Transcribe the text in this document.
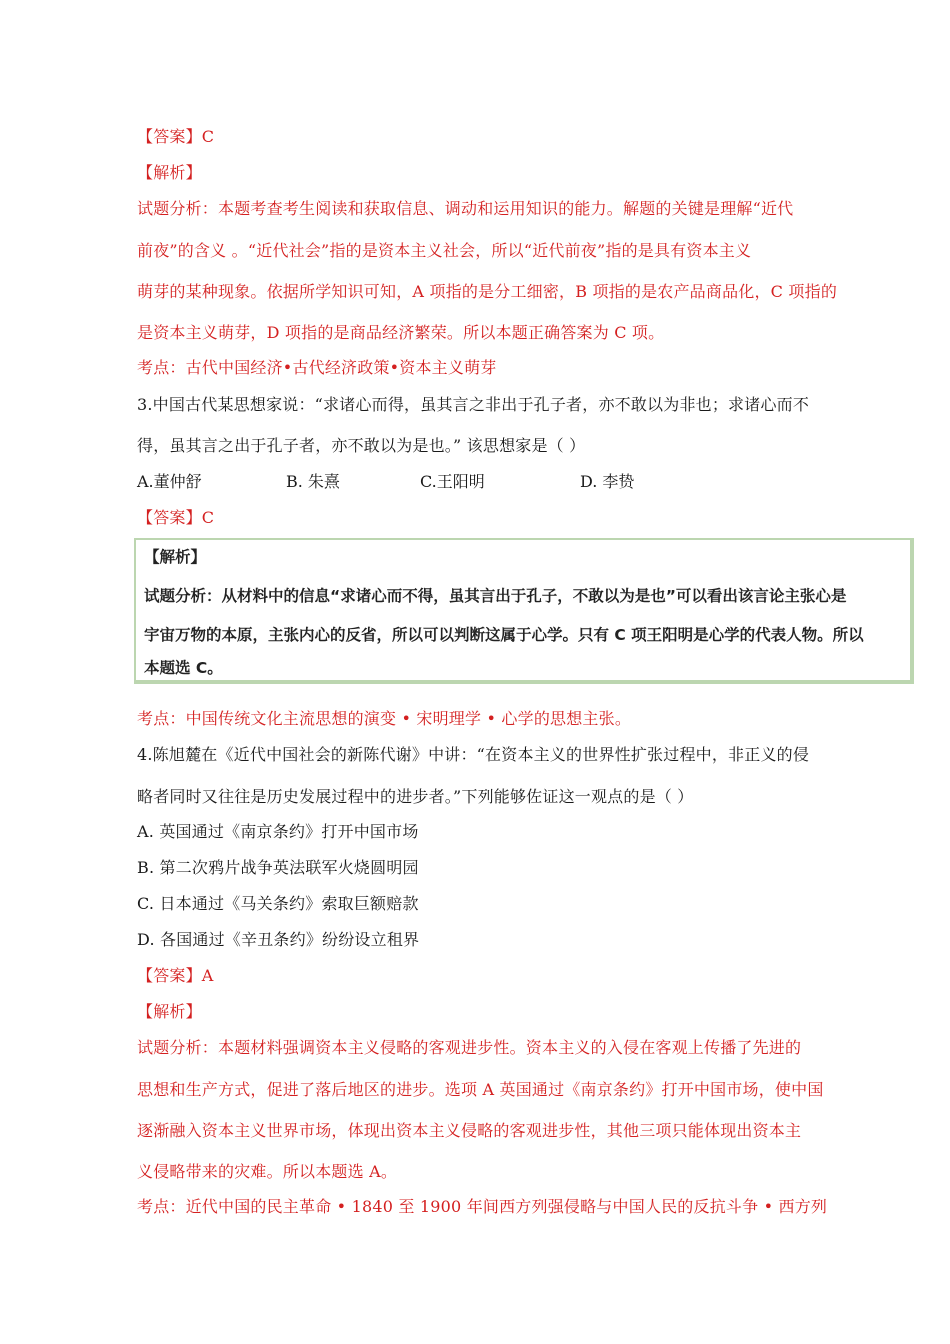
【答案】C
【解析】
试题分析：本题考查考生阅读和获取信息、调动和运用知识的能力。解题的关键是理解“近代
前夜”的含义 。“近代社会”指的是资本主义社会，所以“近代前夜”指的是具有资本主义
萌芽的某种现象。依据所学知识可知，A 项指的是分工细密，B 项指的是农产品商品化，C 项指的
是资本主义萌芽，D 项指的是商品经济繁荣。所以本题正确答案为 C 项。
考点：古代中国经济•古代经济政策•资本主义萌芽
3.中国古代某思想家说：“求诸心而得，虽其言之非出于孔子者，亦不敢以为非也；求诸心而不
得，虽其言之出于孔子者，亦不敢以为是也。” 该思想家是（ ）
A.董仲舒	B. 朱熹	C.王阳明	D. 李贽
【答案】C
【解析】
试题分析：从材料中的信息“求诸心而不得，虽其言出于孔子，不敢以为是也”可以看出该言论主张心是
宇宙万物的本原，主张内心的反省，所以可以判断这属于心学。只有 C 项王阳明是心学的代表人物。所以
本题选 C。
考点：中国传统文化主流思想的演变 • 宋明理学 • 心学的思想主张。
4.陈旭麓在《近代中国社会的新陈代谢》中讲：“在资本主义的世界性扩张过程中，非正义的侵
略者同时又往往是历史发展过程中的进步者。”下列能够佐证这一观点的是（ ）
A. 英国通过《南京条约》打开中国市场
B. 第二次鸦片战争英法联军火烧圆明园
C. 日本通过《马关条约》索取巨额赔款
D. 各国通过《辛丑条约》纷纷设立租界
【答案】A
【解析】
试题分析：本题材料强调资本主义侵略的客观进步性。资本主义的入侵在客观上传播了先进的
思想和生产方式，促进了落后地区的进步。选项 A 英国通过《南京条约》打开中国市场，使中国
逐渐融入资本主义世界市场，体现出资本主义侵略的客观进步性，其他三项只能体现出资本主
义侵略带来的灾难。所以本题选 A。
考点：近代中国的民主革命 • 1840 至 1900 年间西方列强侵略与中国人民的反抗斗争 • 西方列
